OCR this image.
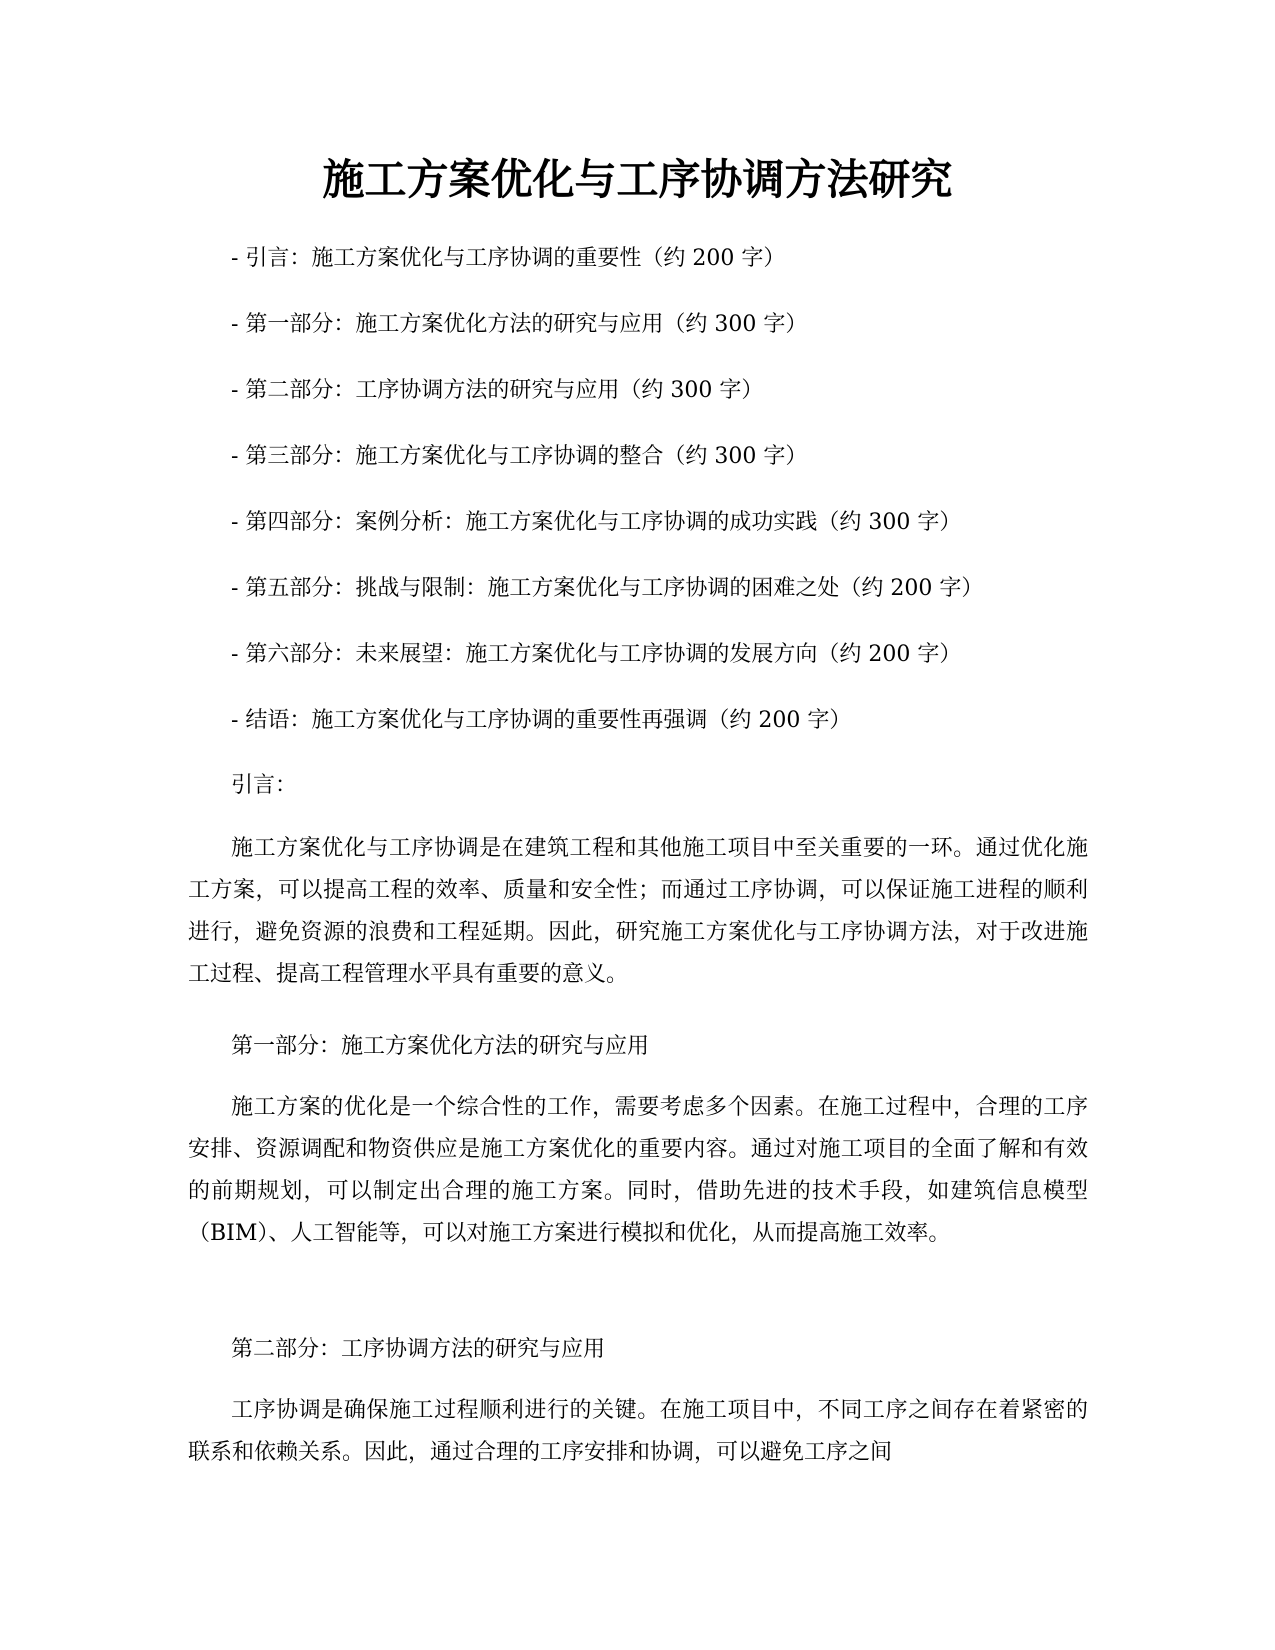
施工方案优化与工序协调方法研究
- 引言：施工方案优化与工序协调的重要性（约 200 字）
- 第一部分：施工方案优化方法的研究与应用（约 300 字）
- 第二部分：工序协调方法的研究与应用（约 300 字）
- 第三部分：施工方案优化与工序协调的整合（约 300 字）
- 第四部分：案例分析：施工方案优化与工序协调的成功实践（约 300 字）
- 第五部分：挑战与限制：施工方案优化与工序协调的困难之处（约 200 字）
- 第六部分：未来展望：施工方案优化与工序协调的发展方向（约 200 字）
- 结语：施工方案优化与工序协调的重要性再强调（约 200 字）

引言：

施工方案优化与工序协调是在建筑工程和其他施工项目中至关重要的一环。通过优化施工方案，可以提高工程的效率、质量和安全性；而通过工序协调，可以保证施工进程的顺利进行，避免资源的浪费和工程延期。因此，研究施工方案优化与工序协调方法，对于改进施工过程、提高工程管理水平具有重要的意义。

第一部分：施工方案优化方法的研究与应用

施工方案的优化是一个综合性的工作，需要考虑多个因素。在施工过程中，合理的工序安排、资源调配和物资供应是施工方案优化的重要内容。通过对施工项目的全面了解和有效的前期规划，可以制定出合理的施工方案。同时，借助先进的技术手段，如建筑信息模型（BIM）、人工智能等，可以对施工方案进行模拟和优化，从而提高施工效率。

第二部分：工序协调方法的研究与应用

工序协调是确保施工过程顺利进行的关键。在施工项目中，不同工序之间存在着紧密的联系和依赖关系。因此，通过合理的工序安排和协调，可以避免工序之间
